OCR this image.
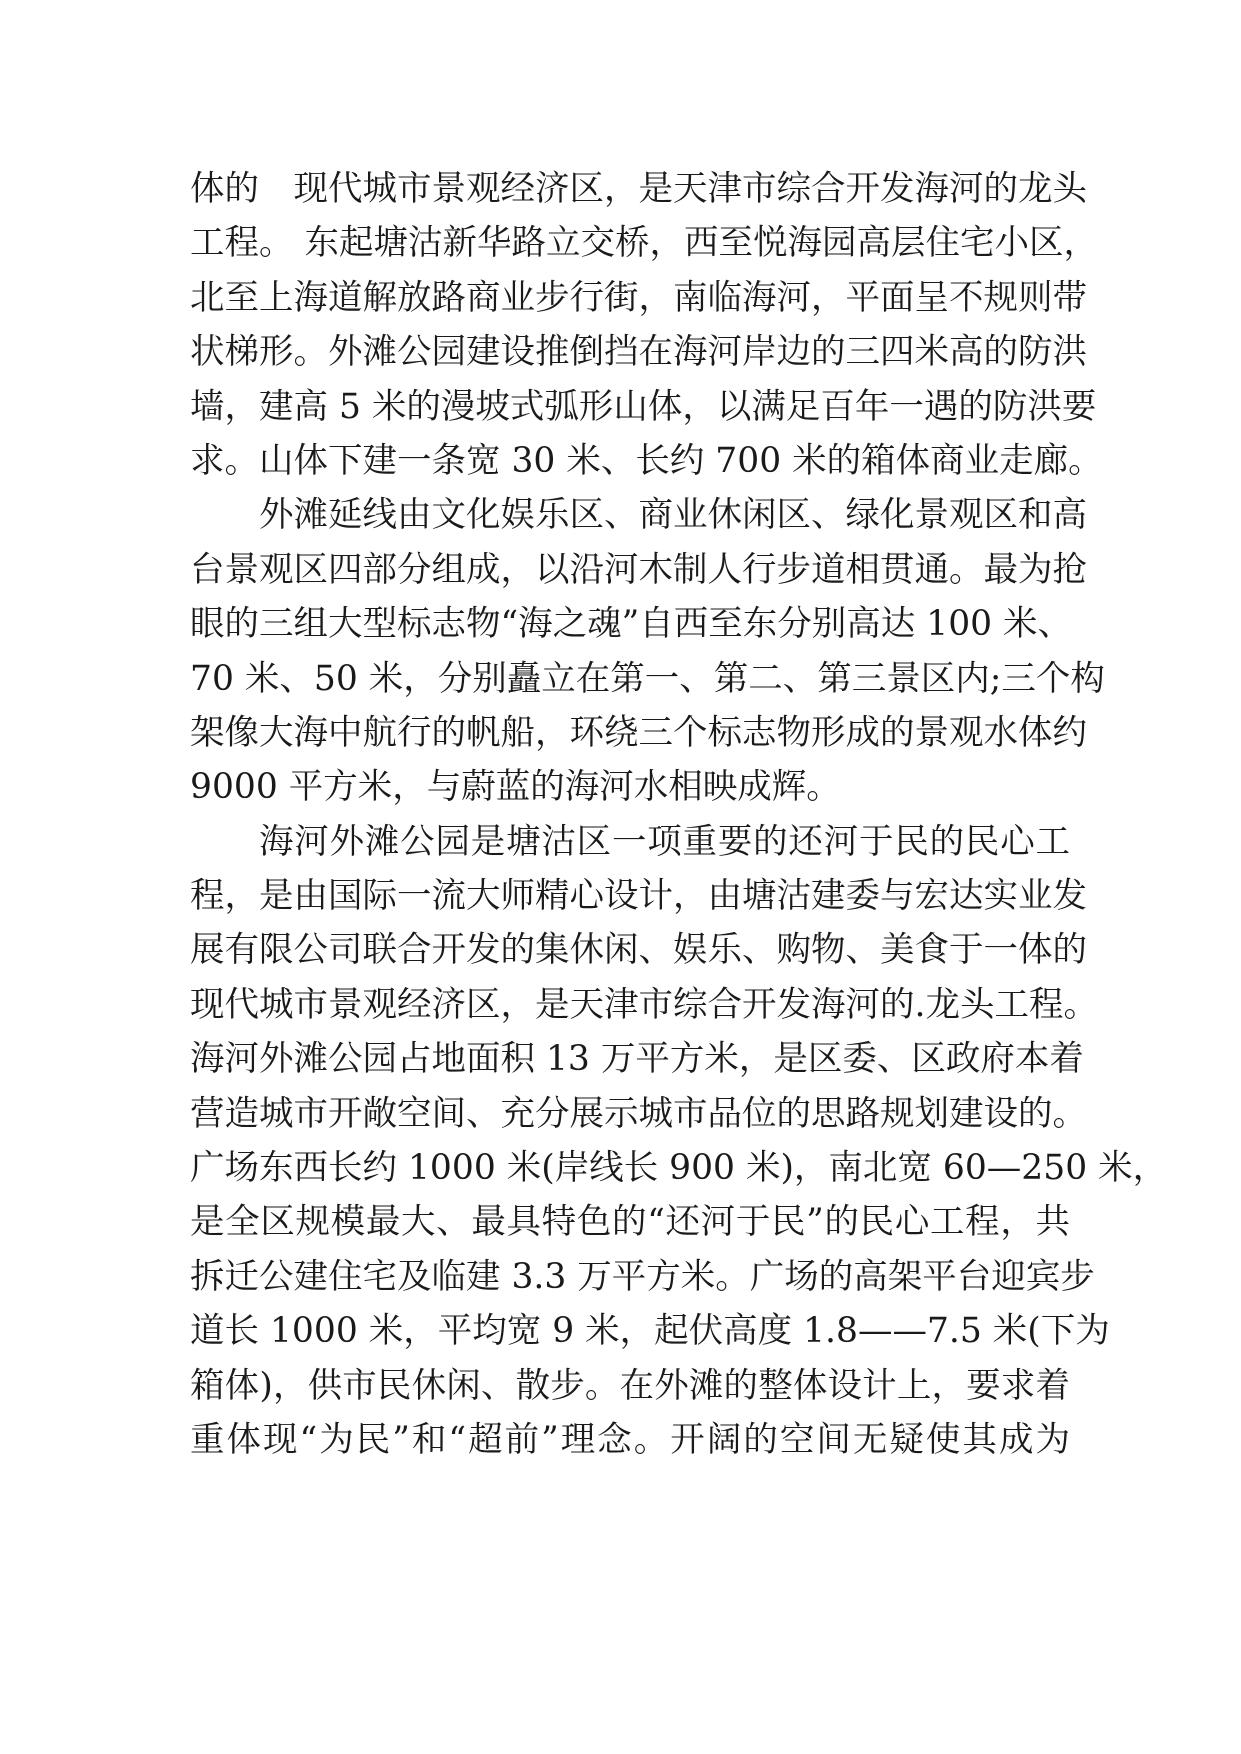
体的　现代城市景观经济区，是天津市综合开发海河的龙头
工程。 东起塘沽新华路立交桥，西至悦海园高层住宅小区，
北至上海道解放路商业步行街，南临海河，平面呈不规则带
状梯形。外滩公园建设推倒挡在海河岸边的三四米高的防洪
墙，建高 5 米的漫坡式弧形山体，以满足百年一遇的防洪要
求。山体下建一条宽 30 米、长约 700 米的箱体商业走廊。
外滩延线由文化娱乐区、商业休闲区、绿化景观区和高
台景观区四部分组成，以沿河木制人行步道相贯通。最为抢
眼的三组大型标志物“海之魂”自西至东分别高达 100 米、
70 米、50 米，分别矗立在第一、第二、第三景区内;三个构
架像大海中航行的帆船，环绕三个标志物形成的景观水体约
9000 平方米，与蔚蓝的海河水相映成辉。
海河外滩公园是塘沽区一项重要的还河于民的民心工
程，是由国际一流大师精心设计，由塘沽建委与宏达实业发
展有限公司联合开发的集休闲、娱乐、购物、美食于一体的
现代城市景观经济区，是天津市综合开发海河的.龙头工程。
海河外滩公园占地面积 13 万平方米，是区委、区政府本着
营造城市开敞空间、充分展示城市品位的思路规划建设的。
广场东西长约 1000 米(岸线长 900 米)，南北宽 60—250 米，
是全区规模最大、最具特色的“还河于民”的民心工程，共
拆迁公建住宅及临建 3.3 万平方米。广场的高架平台迎宾步
道长 1000 米，平均宽 9 米，起伏高度 1.8——7.5 米(下为
箱体)，供市民休闲、散步。在外滩的整体设计上，要求着
重体现“为民”和“超前”理念。开阔的空间无疑使其成为
